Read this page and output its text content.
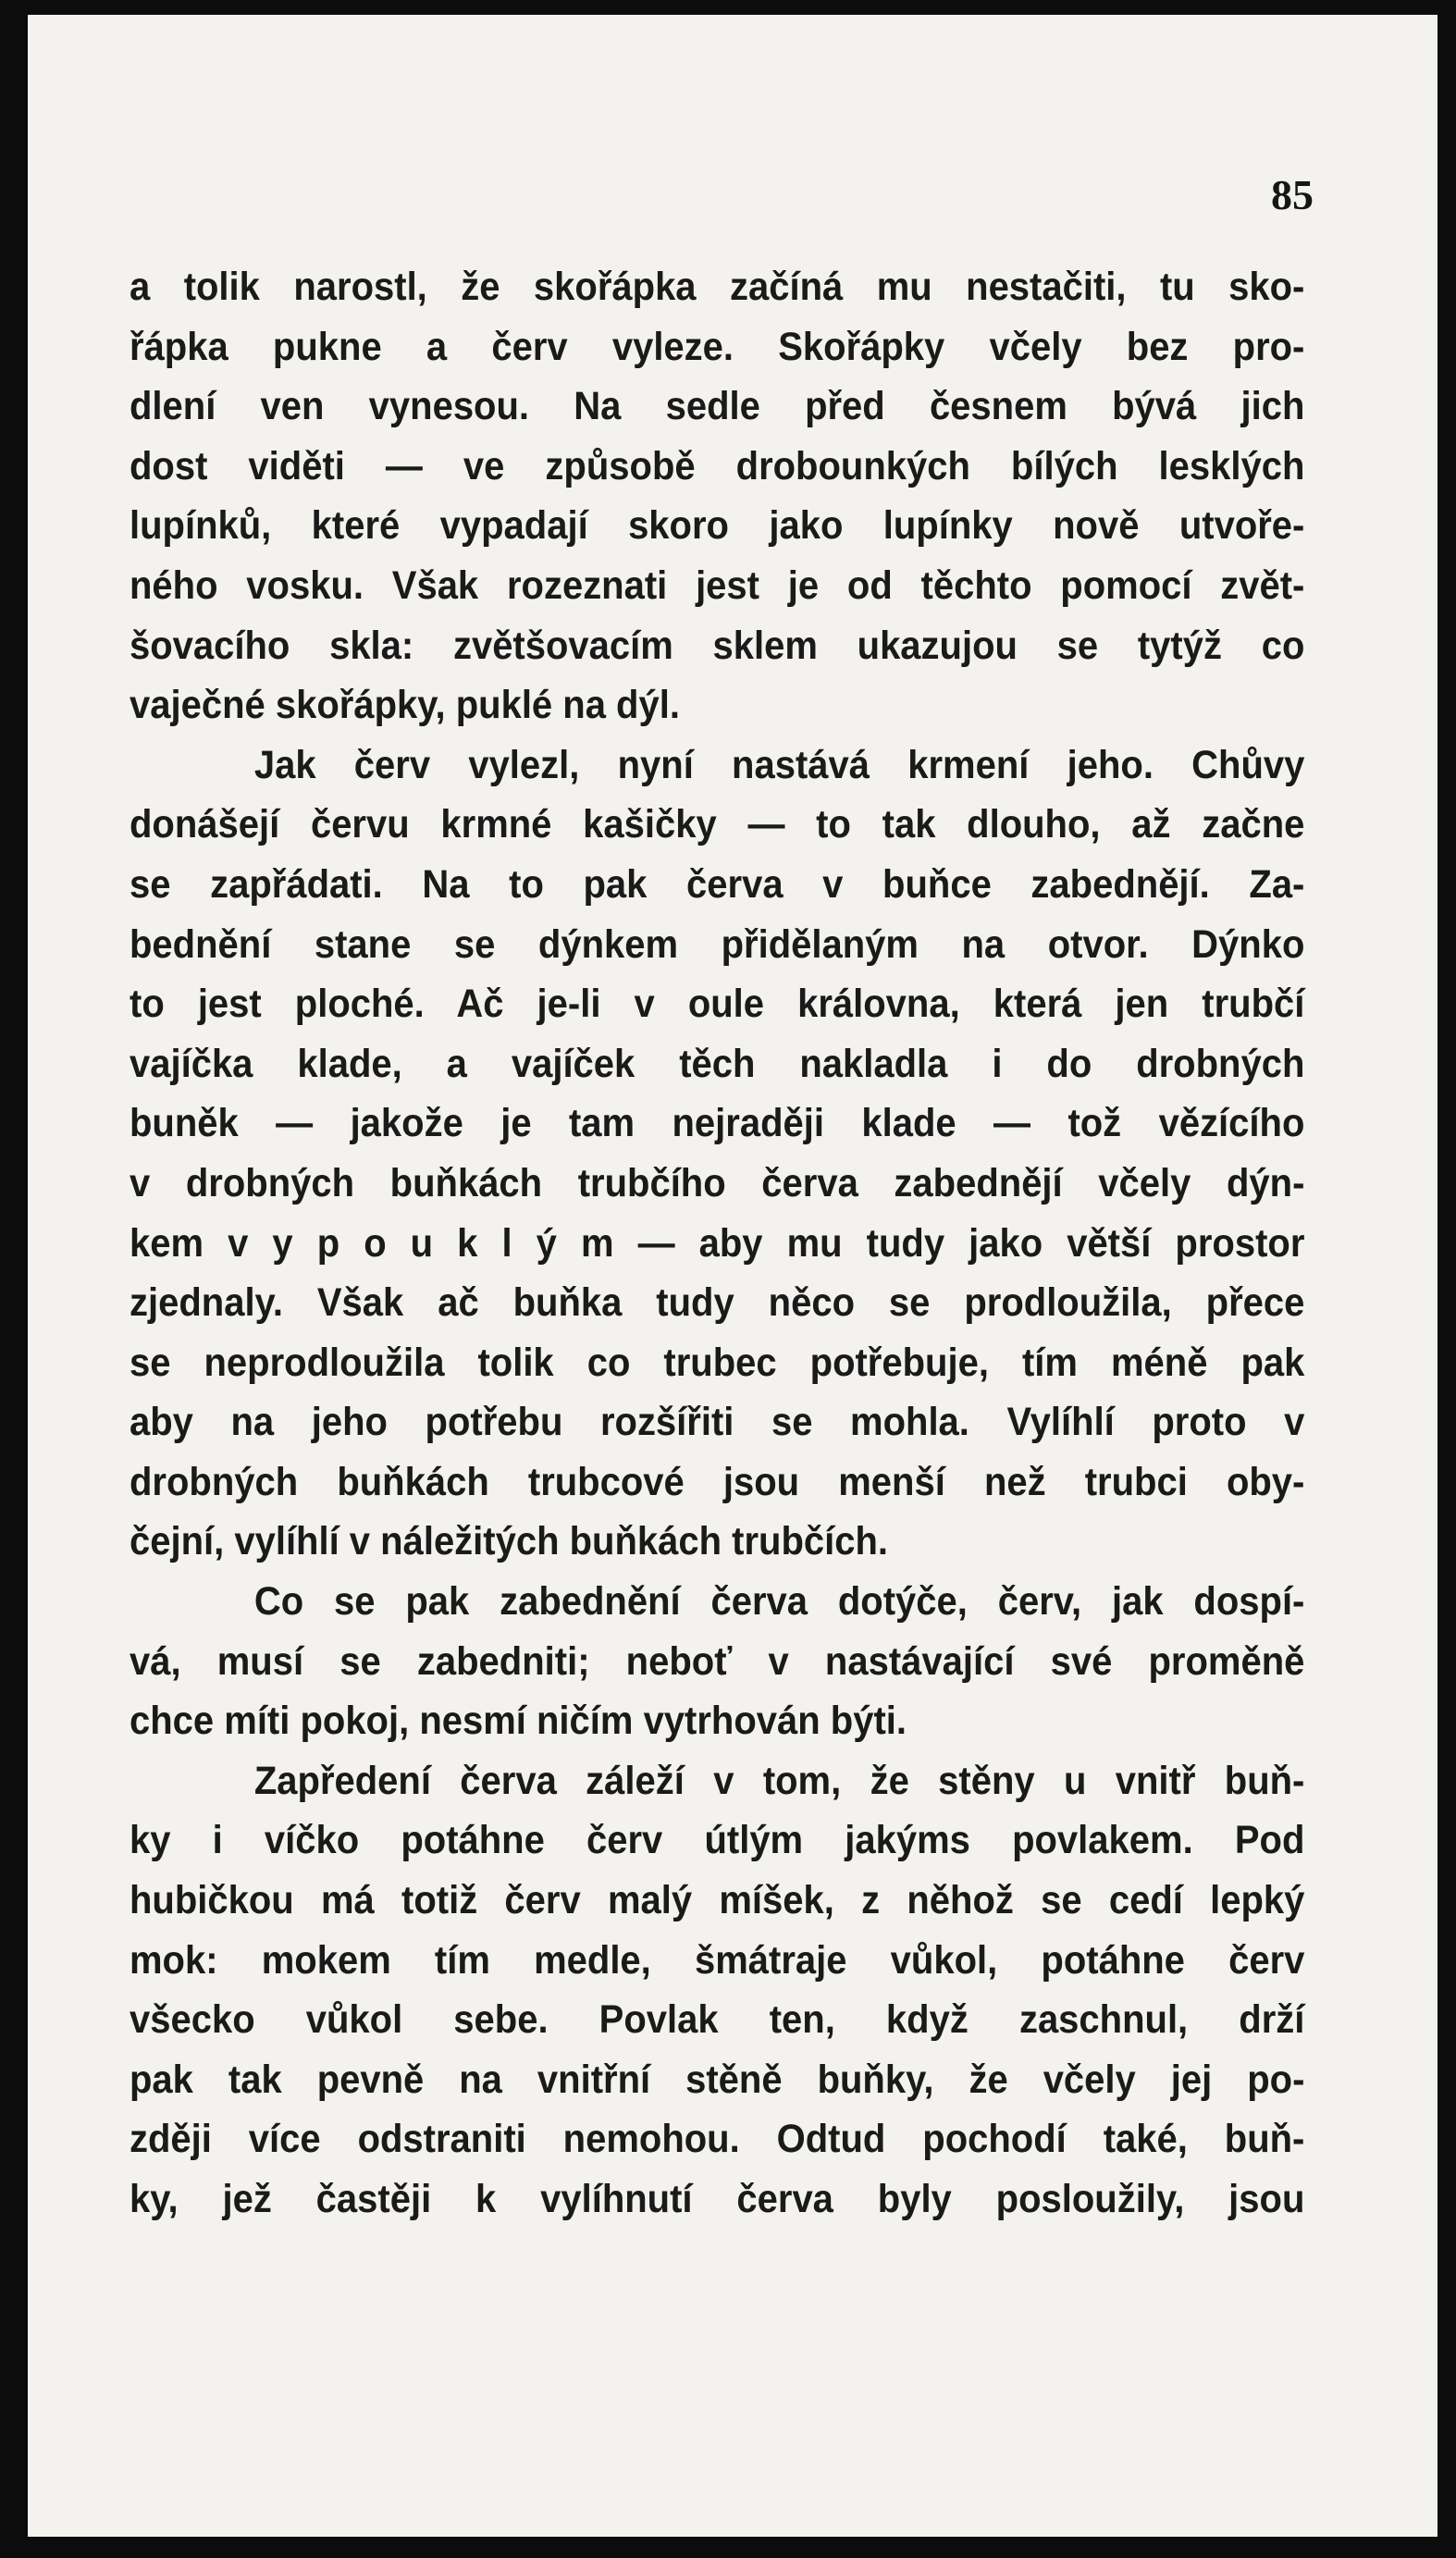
85
a tolik narostl, že skořápka začíná mu nestačiti, tu sko-
řápka pukne a červ vyleze. Skořápky včely bez pro-
dlení ven vynesou. Na sedle před česnem bývá jich
dost viděti — ve způsobě drobounkých bílých lesklých
lupínků, které vypadají skoro jako lupínky nově utvoře-
ného vosku. Však rozeznati jest je od těchto pomocí zvět-
šovacího skla: zvětšovacím sklem ukazujou se tytýž co
vaječné skořápky, puklé na dýl.
Jak červ vylezl, nyní nastává krmení jeho. Chůvy
donášejí červu krmné kašičky — to tak dlouho, až začne
se zapřádati. Na to pak červa v buňce zabednějí. Za-
bednění stane se dýnkem přidělaným na otvor. Dýnko
to jest ploché. Ač je-li v oule královna, která jen trubčí
vajíčka klade, a vajíček těch nakladla i do drobných
buněk — jakože je tam nejraději klade — tož vězícího
v drobných buňkách trubčího červa zabednějí včely dýn-
kem v y p o u k l ý m — aby mu tudy jako větší prostor
zjednaly. Však ač buňka tudy něco se prodloužila, přece
se neprodloužila tolik co trubec potřebuje, tím méně pak
aby na jeho potřebu rozšířiti se mohla. Vylíhlí proto v
drobných buňkách trubcové jsou menší než trubci oby-
čejní, vylíhlí v náležitých buňkách trubčích.
Co se pak zabednění červa dotýče, červ, jak dospí-
vá, musí se zabedniti; neboť v nastávající své proměně
chce míti pokoj, nesmí ničím vytrhován býti.
Zapředení červa záleží v tom, že stěny u vnitř buň-
ky i víčko potáhne červ útlým jakýms povlakem. Pod
hubičkou má totiž červ malý míšek, z něhož se cedí lepký
mok: mokem tím medle, šmátraje vůkol, potáhne červ
všecko vůkol sebe. Povlak ten, když zaschnul, drží
pak tak pevně na vnitřní stěně buňky, že včely jej po-
zději více odstraniti nemohou. Odtud pochodí také, buň-
ky, jež častěji k vylíhnutí červa byly posloužily, jsou
